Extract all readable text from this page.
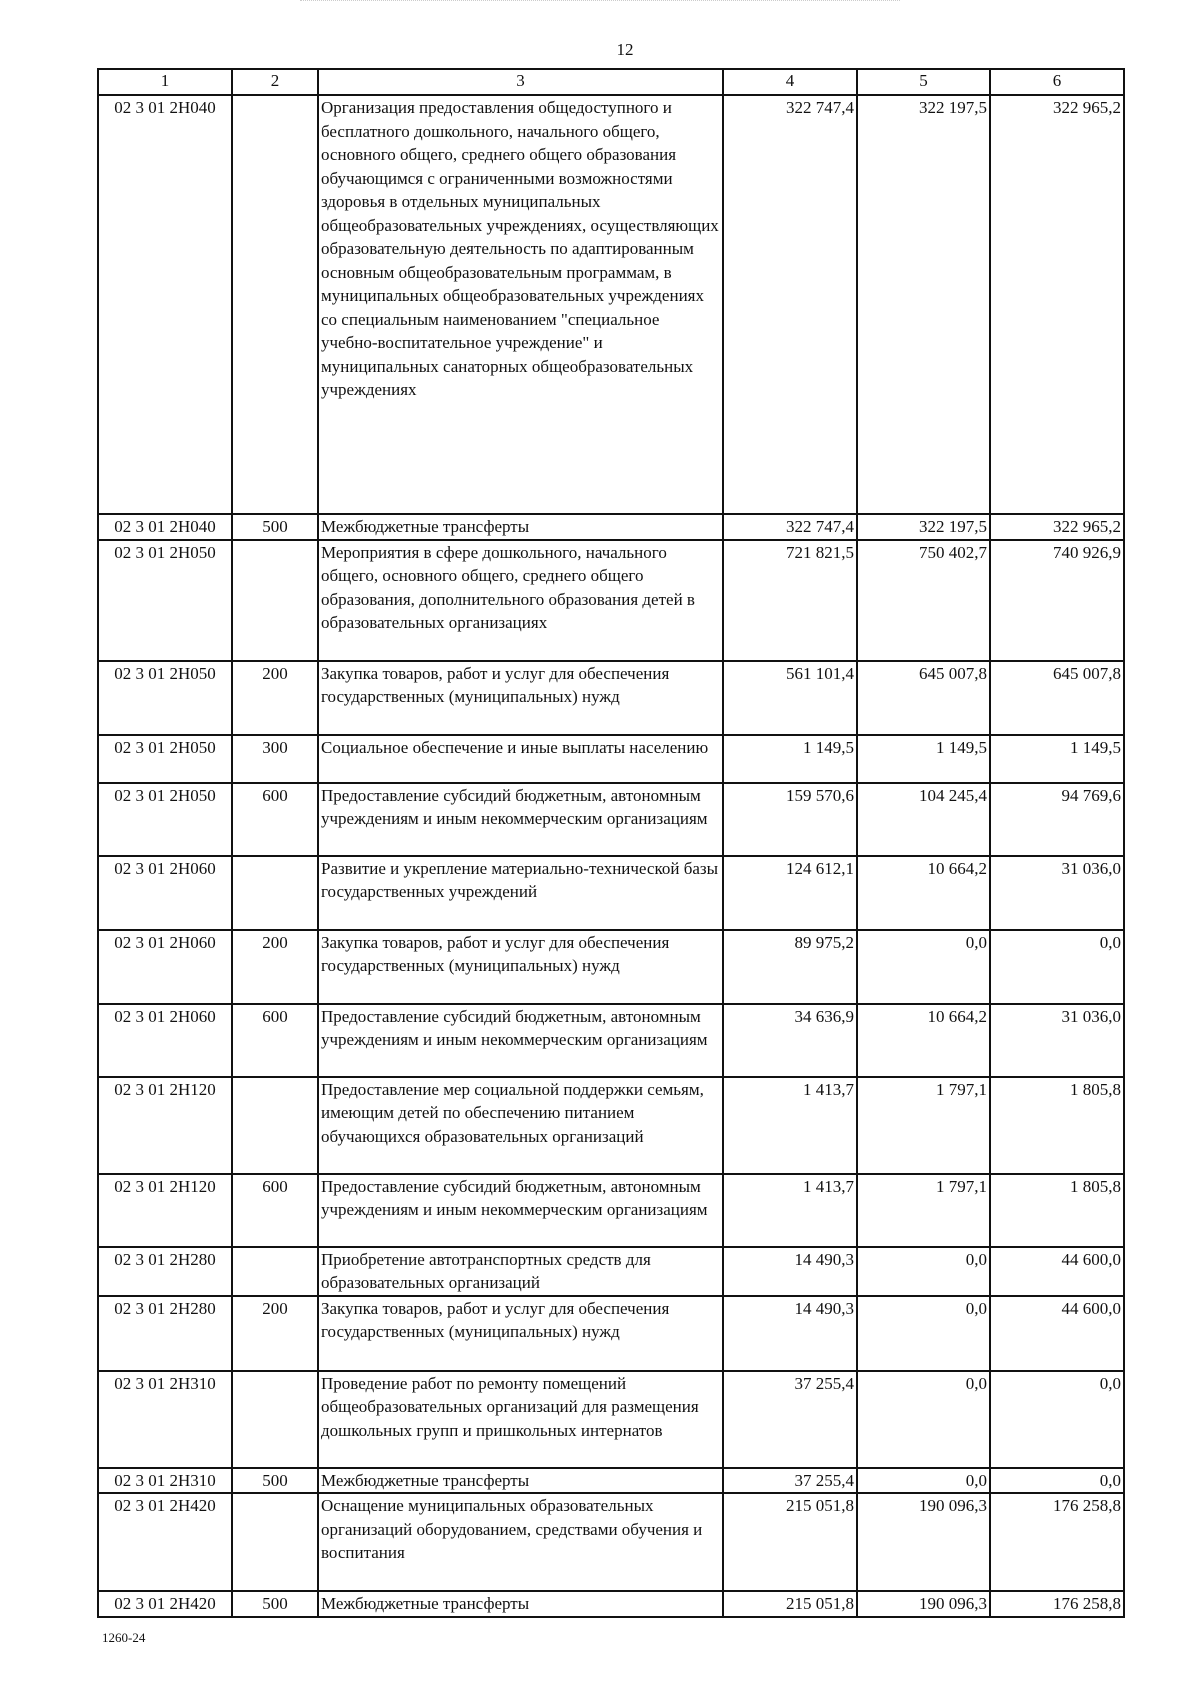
12
1	2	3	4	5	6
02 3 01 2Н040		Организация предоставления общедоступного и бесплатного дошкольного, начального общего, основного общего, среднего общего образования обучающимся с ограниченными возможностями здоровья в отдельных муниципальных общеобразовательных учреждениях, осуществляющих образовательную деятельность по адаптированным основным общеобразовательным программам, в муниципальных общеобразовательных учреждениях со специальным наименованием "специальное учебно-воспитательное учреждение" и муниципальных санаторных общеобразовательных учреждениях	322 747,4	322 197,5	322 965,2
02 3 01 2Н040	500	Межбюджетные трансферты	322 747,4	322 197,5	322 965,2
02 3 01 2Н050		Мероприятия в сфере дошкольного, начального общего, основного общего, среднего общего образования, дополнительного образования детей в образовательных организациях	721 821,5	750 402,7	740 926,9
02 3 01 2Н050	200	Закупка товаров, работ и услуг для обеспечения государственных (муниципальных) нужд	561 101,4	645 007,8	645 007,8
02 3 01 2Н050	300	Социальное обеспечение и иные выплаты населению	1 149,5	1 149,5	1 149,5
02 3 01 2Н050	600	Предоставление субсидий бюджетным, автономным учреждениям и иным некоммерческим организациям	159 570,6	104 245,4	94 769,6
02 3 01 2Н060		Развитие и укрепление материально-технической базы государственных учреждений	124 612,1	10 664,2	31 036,0
02 3 01 2Н060	200	Закупка товаров, работ и услуг для обеспечения государственных (муниципальных) нужд	89 975,2	0,0	0,0
02 3 01 2Н060	600	Предоставление субсидий бюджетным, автономным учреждениям и иным некоммерческим организациям	34 636,9	10 664,2	31 036,0
02 3 01 2Н120		Предоставление мер социальной поддержки семьям, имеющим детей по обеспечению питанием обучающихся образовательных организаций	1 413,7	1 797,1	1 805,8
02 3 01 2Н120	600	Предоставление субсидий бюджетным, автономным учреждениям и иным некоммерческим организациям	1 413,7	1 797,1	1 805,8
02 3 01 2Н280		Приобретение автотранспортных средств для образовательных организаций	14 490,3	0,0	44 600,0
02 3 01 2Н280	200	Закупка товаров, работ и услуг для обеспечения государственных (муниципальных) нужд	14 490,3	0,0	44 600,0
02 3 01 2Н310		Проведение работ по ремонту помещений общеобразовательных организаций для размещения дошкольных групп и пришкольных интернатов	37 255,4	0,0	0,0
02 3 01 2Н310	500	Межбюджетные трансферты	37 255,4	0,0	0,0
02 3 01 2Н420		Оснащение муниципальных образовательных организаций оборудованием, средствами обучения и воспитания	215 051,8	190 096,3	176 258,8
02 3 01 2Н420	500	Межбюджетные трансферты	215 051,8	190 096,3	176 258,8
1260-24
